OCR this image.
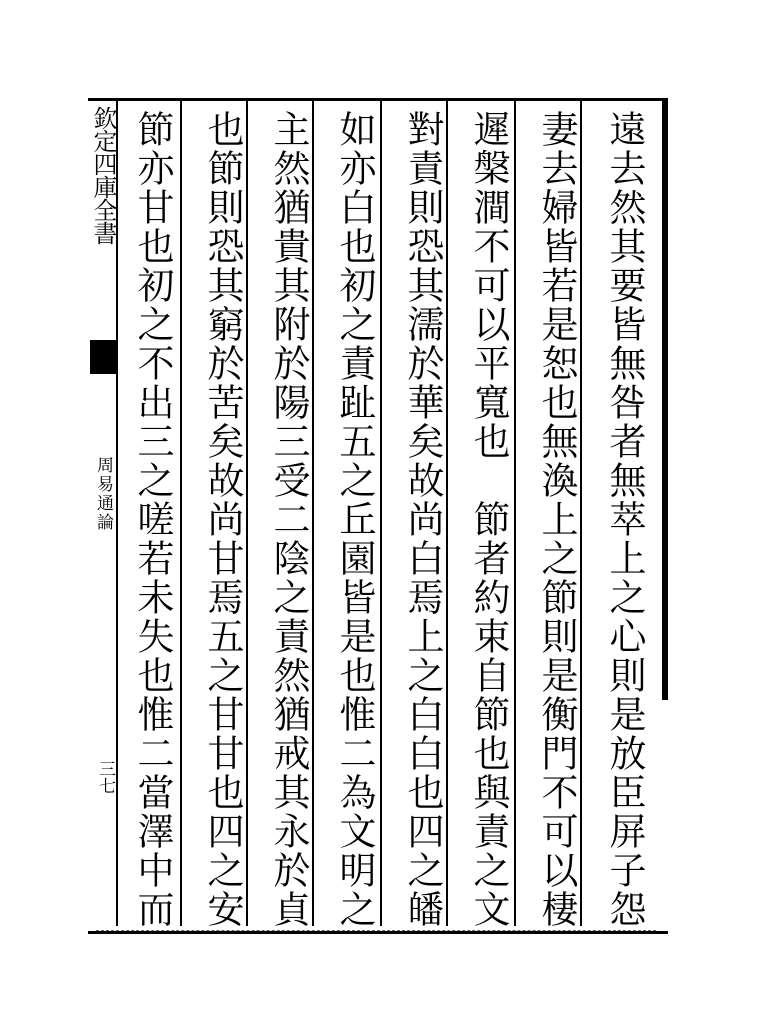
欽定四庫全書
周易通論
三七	遠去然其要皆無咎者無萃上之心則是放臣屏子怨
妻去婦皆若是恕也無渙上之節則是衡門不可以棲
遲槃澗不可以平寬也　節者約束自節也與責之文
對責則恐其濡於華矣故尚白焉上之白白也四之皤
如亦白也初之責趾五之丘園皆是也惟二為文明之
主然猶貴其附於陽三受二陰之責然猶戒其永於貞
也節則恐其窮於苦矣故尚甘焉五之甘甘也四之安
節亦甘也初之不出三之嗟若未失也惟二當澤中而
